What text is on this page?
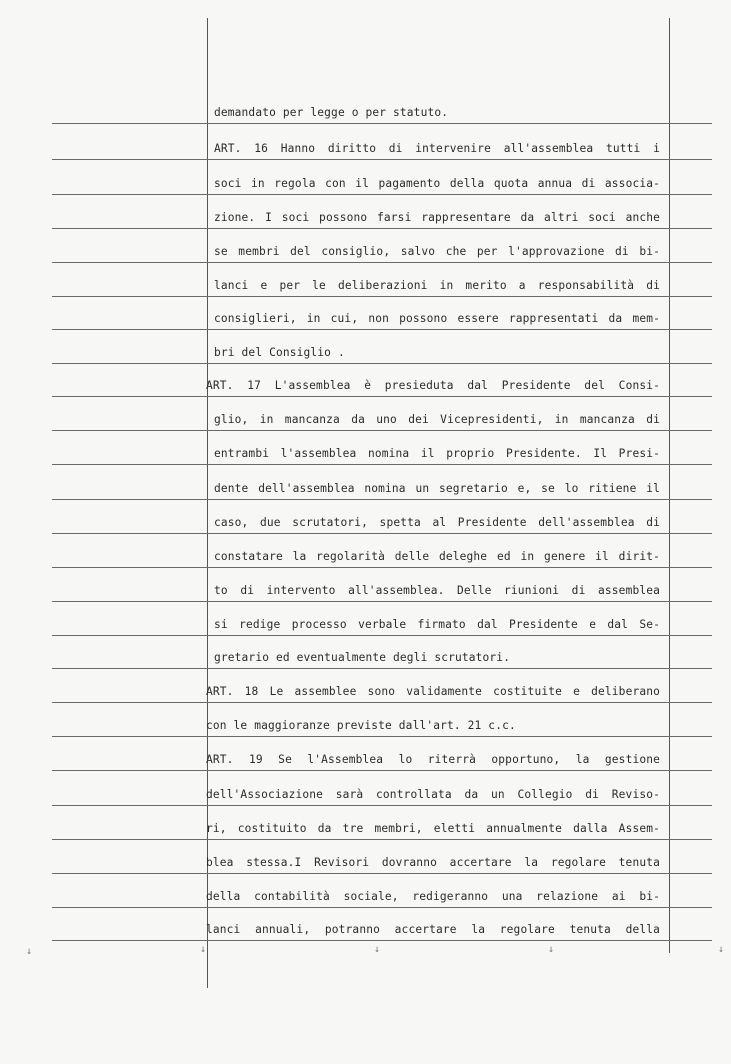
demandato per legge o per statuto.
ART. 16 Hanno diritto di intervenire all'assemblea tutti i
soci in regola con il pagamento della quota annua di associa-
zione. I soci possono farsi rappresentare da altri soci anche
se membri del consiglio, salvo che per l'approvazione di bi-
lanci e per le deliberazioni in merito a responsabilità di
consiglieri, in cui, non possono essere rappresentati da mem-
bri del Consiglio .
ART. 17 L'assemblea è presieduta dal Presidente del Consi-
glio, in mancanza da uno dei Vicepresidenti, in mancanza di
entrambi l'assemblea nomina il proprio Presidente. Il Presi-
dente dell'assemblea nomina un segretario e, se lo ritiene il
caso, due scrutatori, spetta al Presidente dell'assemblea di
constatare la regolarità delle deleghe ed in genere il dirit-
to di intervento all'assemblea. Delle riunioni di assemblea
si redige processo verbale firmato dal Presidente e dal Se-
gretario ed eventualmente degli scrutatori.
ART. 18 Le assemblee sono validamente costituite e deliberano
con le maggioranze previste dall'art. 21 c.c.
ART. 19 Se l'Assemblea lo riterrà opportuno, la gestione
dell'Associazione sarà controllata da un Collegio di Reviso-
ri, costituito da tre membri, eletti annualmente dalla Assem-
blea stessa.I Revisori dovranno accertare la regolare tenuta
della contabilità sociale, redigeranno una relazione ai bi-
lanci annuali, potranno accertare la regolare tenuta della
↓	↓	↓	↓	↓
